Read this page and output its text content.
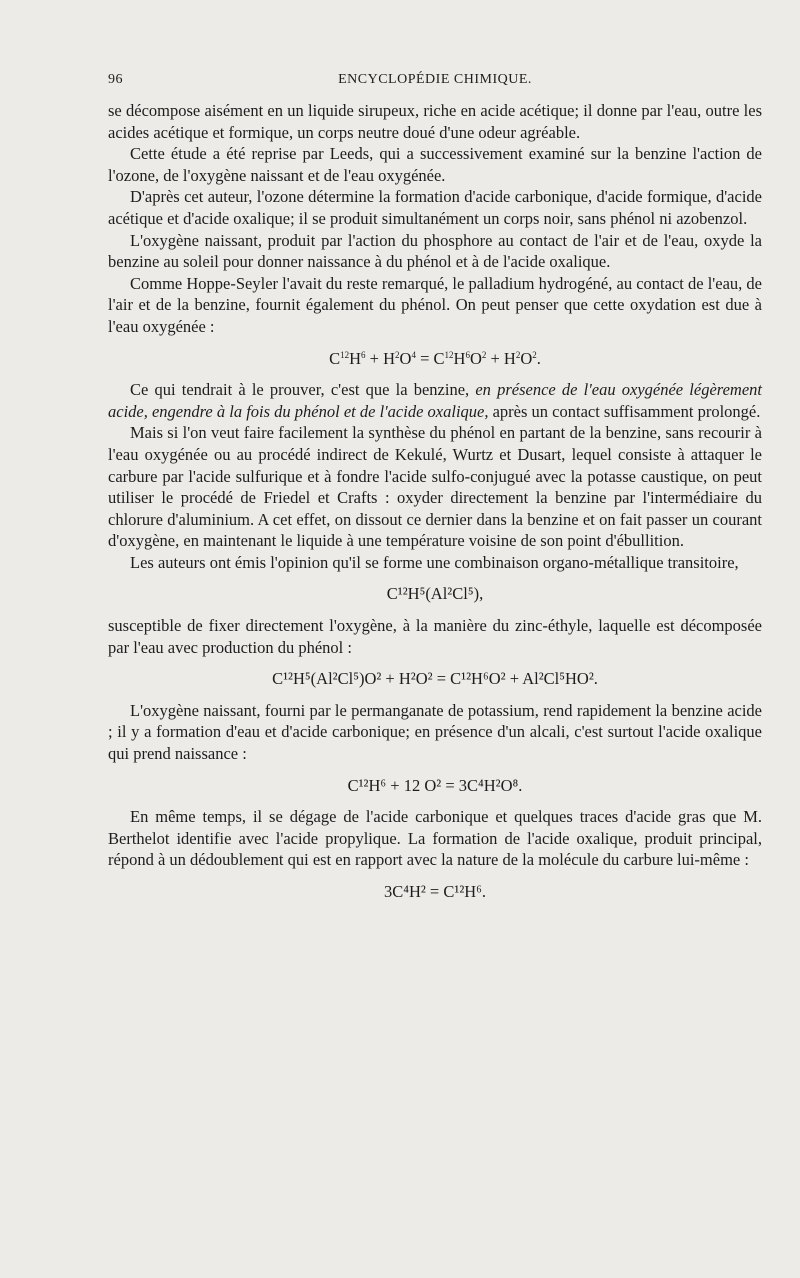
96	ENCYCLOPÉDIE CHIMIQUE.

se décompose aisément en un liquide sirupeux, riche en acide acétique; il donne par l'eau, outre les acides acétique et formique, un corps neutre doué d'une odeur agréable.

Cette étude a été reprise par Leeds, qui a successivement examiné sur la benzine l'action de l'ozone, de l'oxygène naissant et de l'eau oxygénée.

D'après cet auteur, l'ozone détermine la formation d'acide carbonique, d'acide formique, d'acide acétique et d'acide oxalique; il se produit simultanément un corps noir, sans phénol ni azobenzol.

L'oxygène naissant, produit par l'action du phosphore au contact de l'air et de l'eau, oxyde la benzine au soleil pour donner naissance à du phénol et à de l'acide oxalique.

Comme Hoppe-Seyler l'avait du reste remarqué, le palladium hydrogéné, au contact de l'eau, de l'air et de la benzine, fournit également du phénol. On peut penser que cette oxydation est due à l'eau oxygénée :

$C^{12}H^6 + H^2O^4 = C^{12}H^6O^2 + H^2O^2$.

Ce qui tendrait à le prouver, c'est que la benzine, en présence de l'eau oxygénée légèrement acide, engendre à la fois du phénol et de l'acide oxalique, après un contact suffisamment prolongé.

Mais si l'on veut faire facilement la synthèse du phénol en partant de la benzine, sans recourir à l'eau oxygénée ou au procédé indirect de Kekulé, Wurtz et Dusart, lequel consiste à attaquer le carbure par l'acide sulfurique et à fondre l'acide sulfo-conjugué avec la potasse caustique, on peut utiliser le procédé de Friedel et Crafts : oxyder directement la benzine par l'intermédiaire du chlorure d'aluminium. A cet effet, on dissout ce dernier dans la benzine et on fait passer un courant d'oxygène, en maintenant le liquide à une température voisine de son point d'ébullition.

Les auteurs ont émis l'opinion qu'il se forme une combinaison organo-métallique transitoire,

C¹²H⁵(Al²Cl⁵),

susceptible de fixer directement l'oxygène, à la manière du zinc-éthyle, laquelle est décomposée par l'eau avec production du phénol :

C¹²H⁵(Al²Cl⁵)O² + H²O² = C¹²H⁶O² + Al²Cl⁵HO².

L'oxygène naissant, fourni par le permanganate de potassium, rend rapidement la benzine acide ; il y a formation d'eau et d'acide carbonique; en présence d'un alcali, c'est surtout l'acide oxalique qui prend naissance :

C¹²H⁶ + 12 O² = 3C⁴H²O⁸.

En même temps, il se dégage de l'acide carbonique et quelques traces d'acide gras que M. Berthelot identifie avec l'acide propylique. La formation de l'acide oxalique, produit principal, répond à un dédoublement qui est en rapport avec la nature de la molécule du carbure lui-même :

3C⁴H² = C¹²H⁶.
